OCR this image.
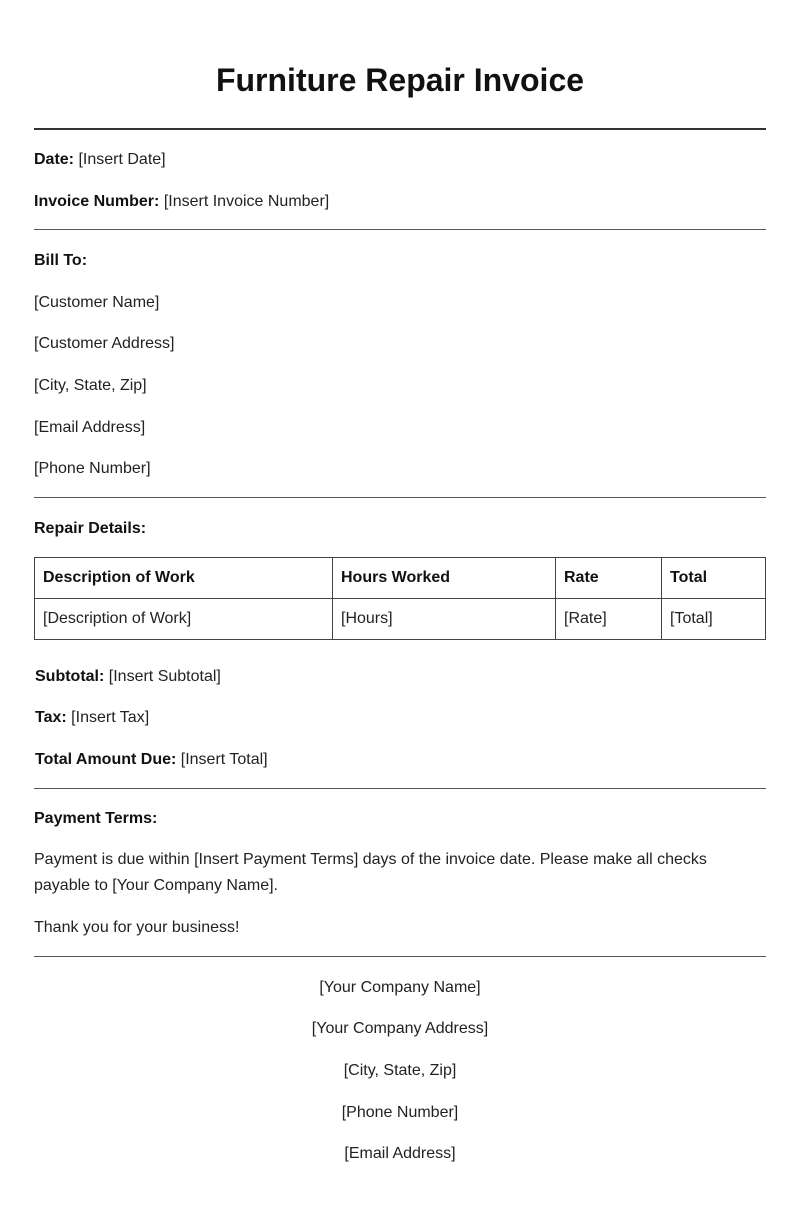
Furniture Repair Invoice
Date: [Insert Date]
Invoice Number: [Insert Invoice Number]
Bill To:
[Customer Name]
[Customer Address]
[City, State, Zip]
[Email Address]
[Phone Number]
Repair Details:
Description of Work	Hours Worked	Rate	Total
[Description of Work]	[Hours]	[Rate]	[Total]
Subtotal: [Insert Subtotal]
Tax: [Insert Tax]
Total Amount Due: [Insert Total]
Payment Terms:
Payment is due within [Insert Payment Terms] days of the invoice date. Please make all checks payable to [Your Company Name].
Thank you for your business!
[Your Company Name]
[Your Company Address]
[City, State, Zip]
[Phone Number]
[Email Address]
